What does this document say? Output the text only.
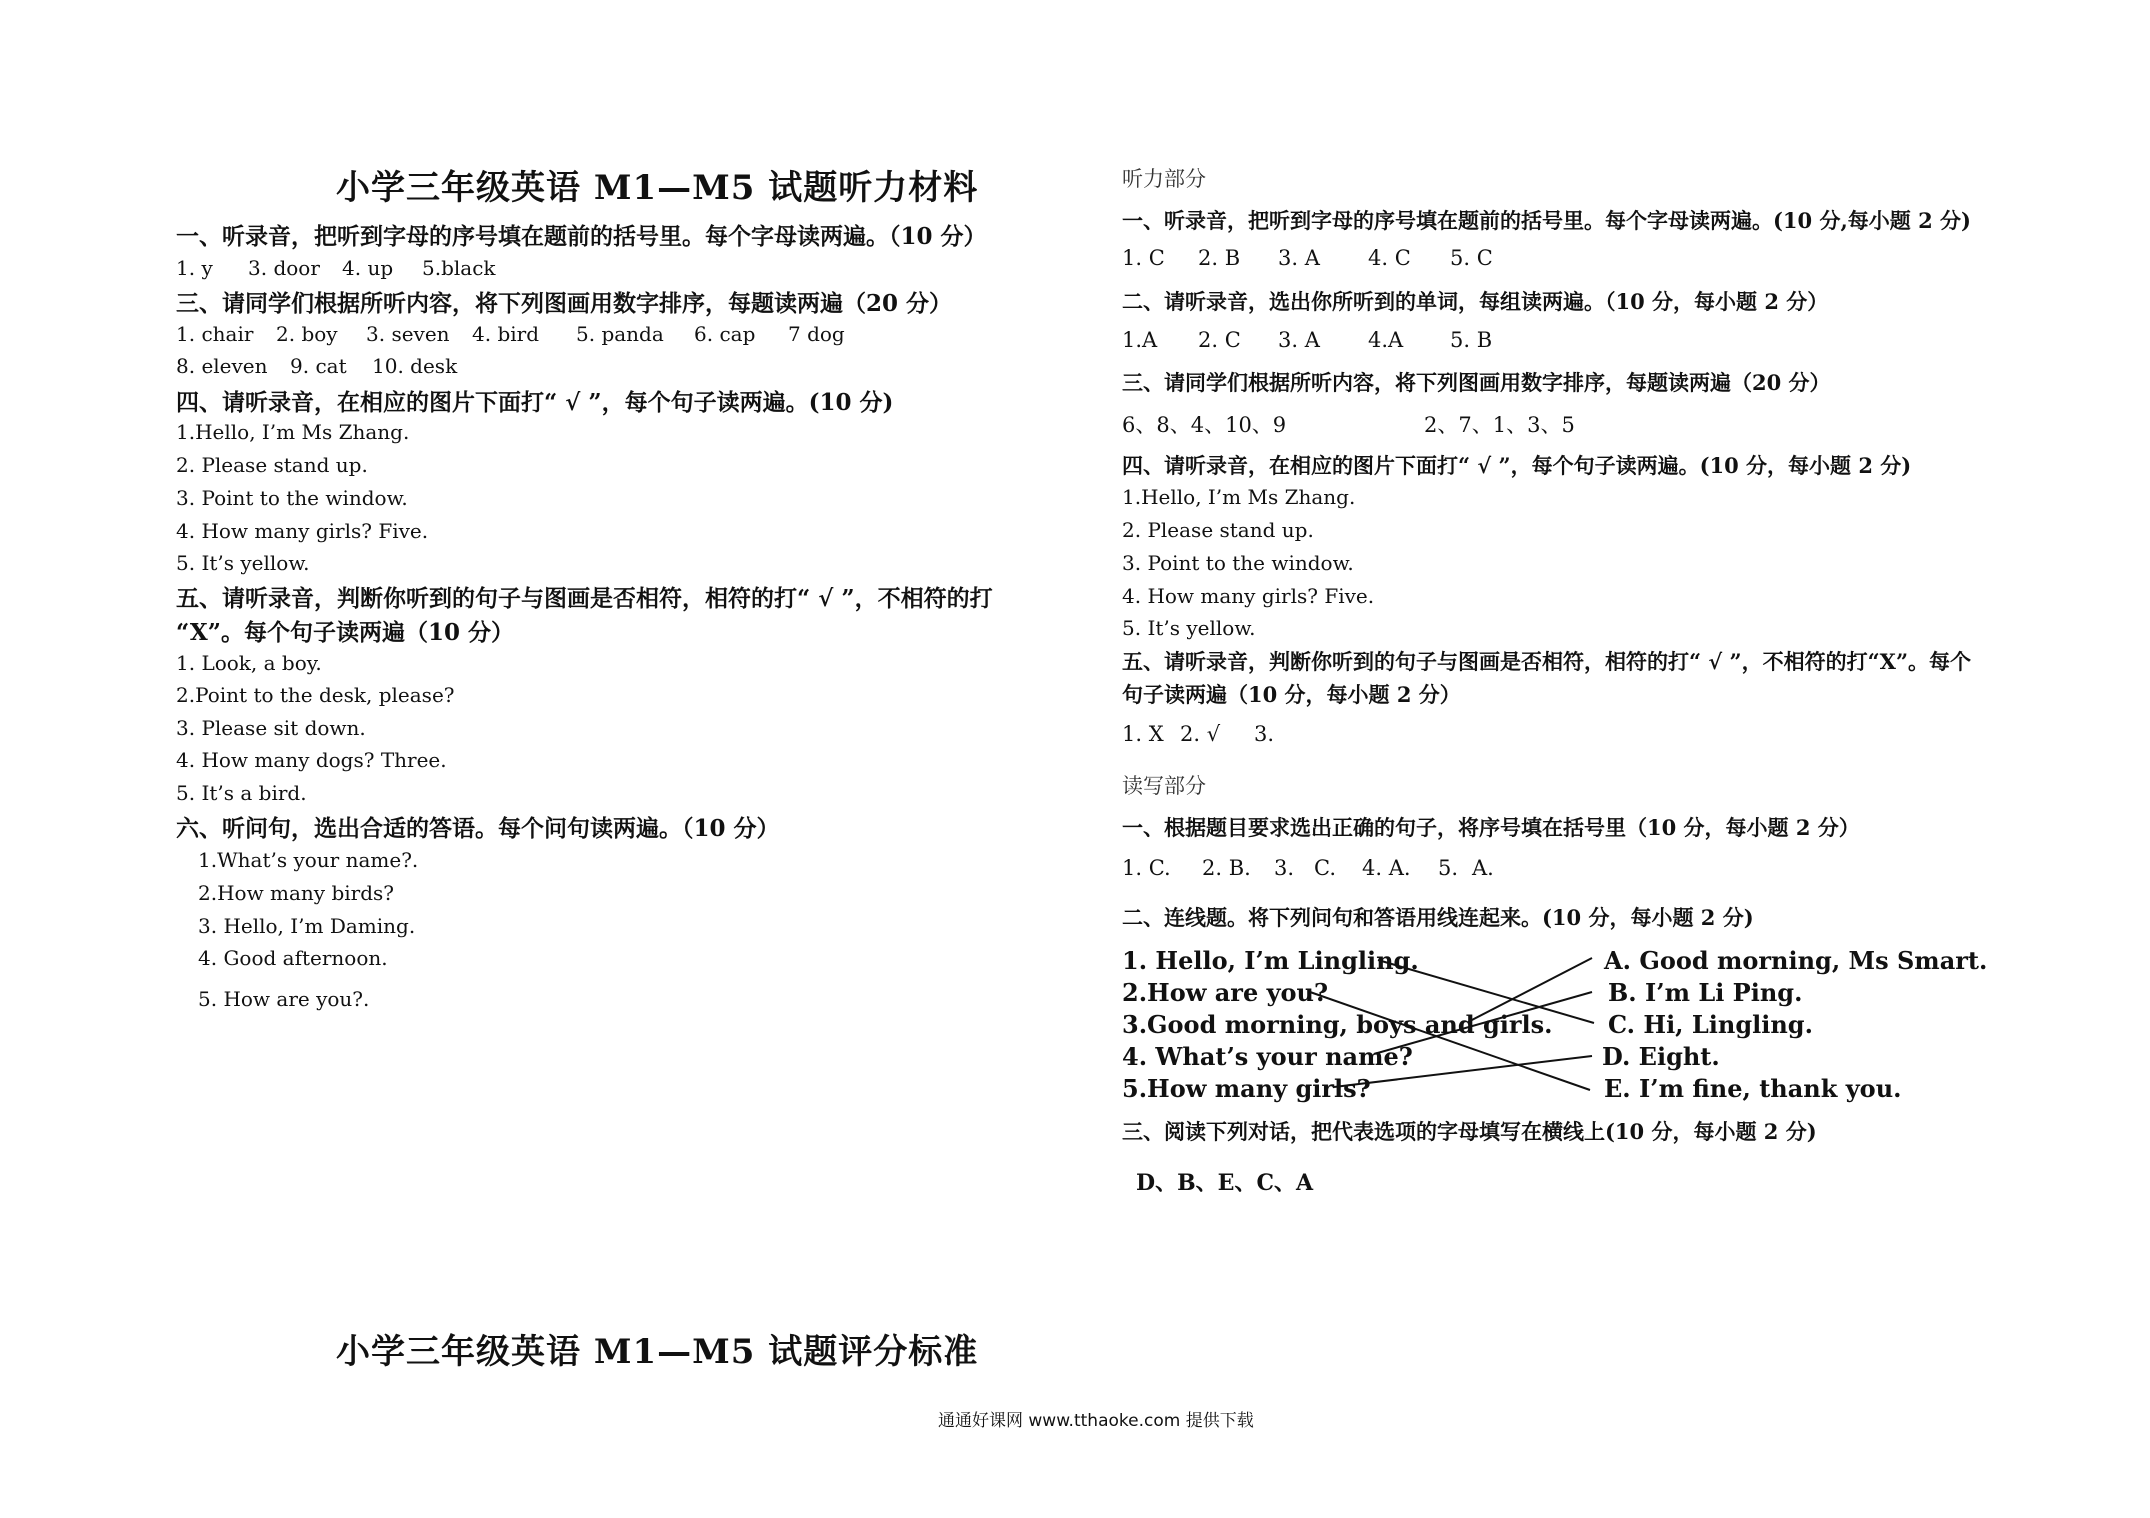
小学三年级英语 M1—M5 试题听力材料
一、听录音，把听到字母的序号填在题前的括号里。每个字母读两遍。（10 分）
1. y 3. door 4. up 5.black
三、请同学们根据所听内容，将下列图画用数字排序，每题读两遍（20 分）
1. chair 2. boy 3. seven 4. bird 5. panda 6. cap 7 dog
8. eleven 9. cat 10. desk
四、请听录音，在相应的图片下面打“ √ ”，每个句子读两遍。(10 分)
1.Hello, I’m Ms Zhang.
2. Please stand up.
3. Point to the window.
4. How many girls? Five.
5. It’s yellow.
五、请听录音，判断你听到的句子与图画是否相符，相符的打“ √ ”，不相符的打
“X”。每个句子读两遍（10 分）
1. Look, a boy.
2.Point to the desk, please?
3. Please sit down.
4. How many dogs? Three.
5. It’s a bird.
六、听问句，选出合适的答语。每个问句读两遍。（10 分）
1.What’s your name?.
2.How many birds?
3. Hello, I’m Daming.
4. Good afternoon.
5. How are you?.
小学三年级英语 M1—M5 试题评分标准
听力部分
一、听录音，把听到字母的序号填在题前的括号里。每个字母读两遍。(10 分,每小题 2 分)
1. C 2. B 3. A 4. C 5. C
二、请听录音，选出你所听到的单词，每组读两遍。（10 分，每小题 2 分）
1.A 2. C 3. A 4.A 5. B
三、请同学们根据所听内容，将下列图画用数字排序，每题读两遍（20 分）
6、8、4、10、9	2、7、1、3、5
四、请听录音，在相应的图片下面打“ √ ”，每个句子读两遍。(10 分，每小题 2 分)
1.Hello, I’m Ms Zhang.
2. Please stand up.
3. Point to the window.
4. How many girls? Five.
5. It’s yellow.
五、请听录音，判断你听到的句子与图画是否相符，相符的打“ √ ”，不相符的打“X”。每个
句子读两遍（10 分，每小题 2 分）
1. X 2. √ 3.
读写部分
一、根据题目要求选出正确的句子，将序号填在括号里（10 分，每小题 2 分）
1. C. 2. B. 3. C. 4. A. 5. A.
二、连线题。将下列问句和答语用线连起来。(10 分，每小题 2 分)
1. Hello, I’m Lingling.
2.How are you?
3.Good morning, boys and girls.
4. What’s your name?
5.How many girls?
A. Good morning, Ms Smart.
B. I’m Li Ping.
C. Hi, Lingling.
D. Eight.
E. I’m fine, thank you.
三、阅读下列对话，把代表选项的字母填写在横线上(10 分，每小题 2 分)
D、B、E、C、A
通通好课网 www.tthaoke.com 提供下载
